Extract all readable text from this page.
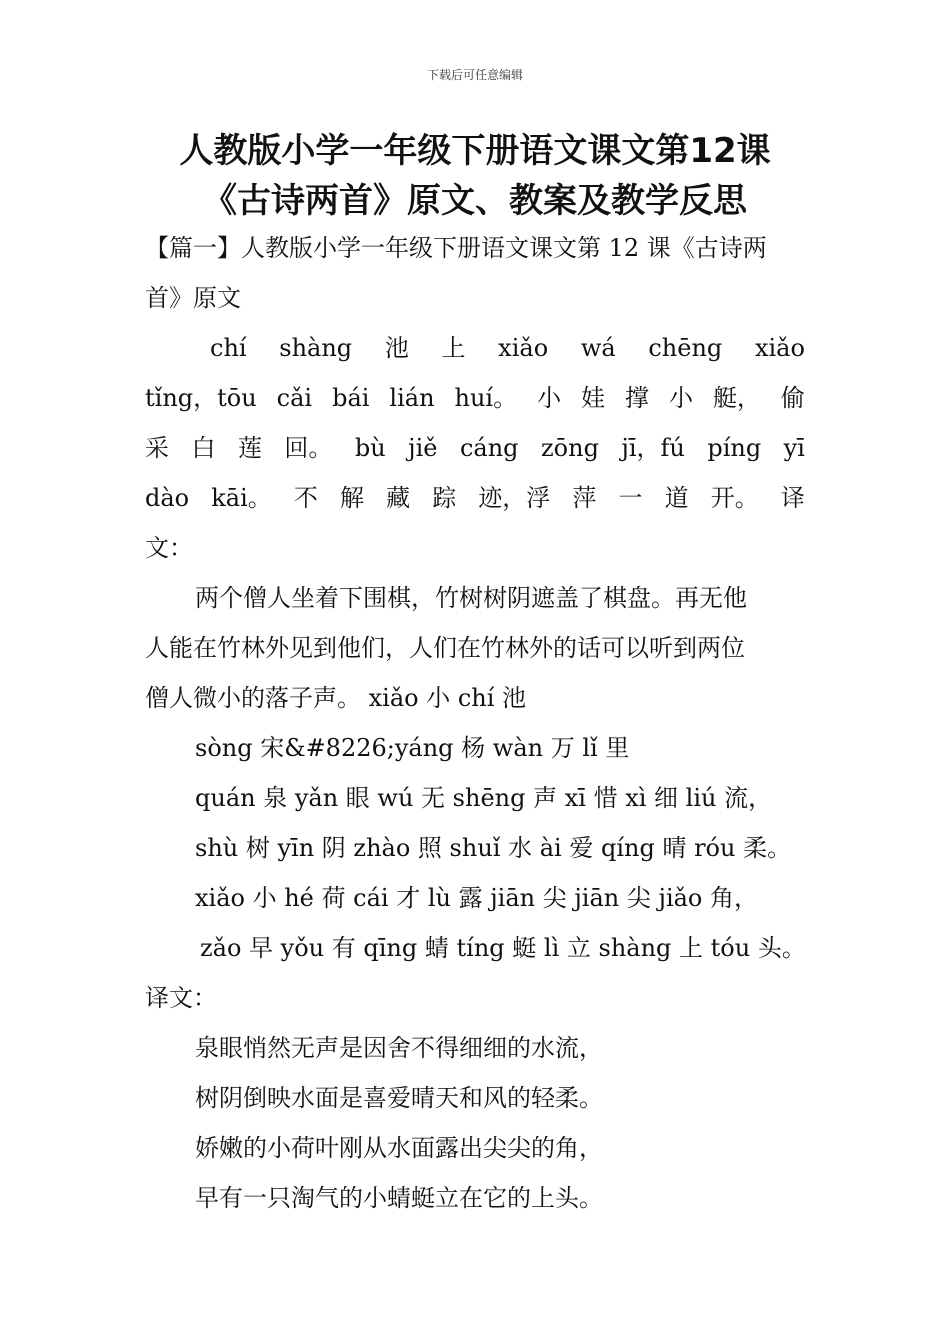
下载后可任意编辑
人教版小学一年级下册语文课文第12课
《古诗两首》原文、教案及教学反思
【篇一】人教版小学一年级下册语文课文第 12 课《古诗两
首》原文
chí shàng 池 上 xiǎo wá chēng xiǎo
tǐng，tōu cǎi bái lián huí。 小 娃 撑 小 艇， 偷
采 白 莲 回。 bù jiě cáng zōng jī，fú píng yī
dào kāi。 不 解 藏 踪 迹，浮 萍 一 道 开。 译
文：
两个僧人坐着下围棋，竹树树阴遮盖了棋盘。再无他
人能在竹林外见到他们，人们在竹林外的话可以听到两位
僧人微小的落子声。 xiǎo 小 chí 池
sòng 宋&#8226;yáng 杨 wàn 万 lǐ 里
quán 泉 yǎn 眼 wú 无 shēng 声 xī 惜 xì 细 liú 流，
shù 树 yīn 阴 zhào 照 shuǐ 水 ài 爱 qíng 晴 róu 柔。
xiǎo 小 hé 荷 cái 才 lù 露 jiān 尖 jiān 尖 jiǎo 角，
zǎo 早 yǒu 有 qīng 蜻 tíng 蜓 lì 立 shàng 上 tóu 头。
译文：
泉眼悄然无声是因舍不得细细的水流，
树阴倒映水面是喜爱晴天和风的轻柔。
娇嫩的小荷叶刚从水面露出尖尖的角，
早有一只淘气的小蜻蜓立在它的上头。
